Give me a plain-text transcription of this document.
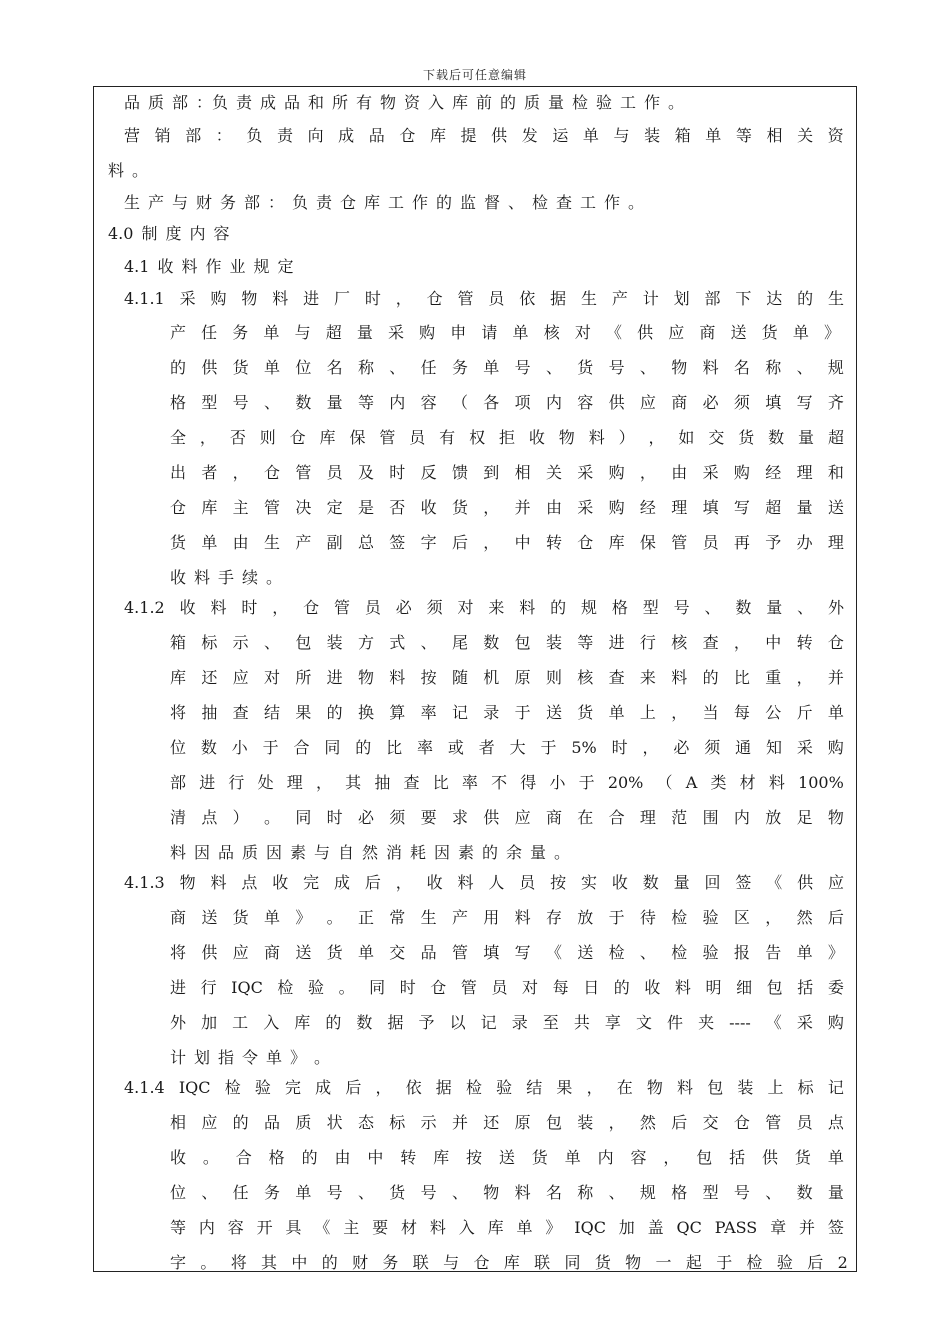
下载后可任意编辑
品 质 部 ：负 责 成 品 和 所 有 物 资 入 库 前 的 质 量 检 验 工 作 。
营 销 部 ： 负 责 向 成 品 仓 库 提 供 发 运 单 与 装 箱 单 等 相 关 资
料 。
生 产 与 财 务 部 ： 负 责 仓 库 工 作 的 监 督 、 检 查 工 作 。
4.0 制 度 内 容
4.1 收 料 作 业 规 定
4.1.1 采 购 物 料 进 厂 时 ， 仓 管 员 依 据 生 产 计 划 部 下 达 的 生
产 任 务 单 与 超 量 采 购 申 请 单 核 对 《 供 应 商 送 货 单 》
的 供 货 单 位 名 称 、 任 务 单 号 、 货 号 、 物 料 名 称 、 规
格 型 号 、 数 量 等 内 容 （ 各 项 内 容 供 应 商 必 须 填 写 齐
全 ， 否 则 仓 库 保 管 员 有 权 拒 收 物 料 ） ， 如 交 货 数 量 超
出 者 ， 仓 管 员 及 时 反 馈 到 相 关 采 购 ， 由 采 购 经 理 和
仓 库 主 管 决 定 是 否 收 货 ， 并 由 采 购 经 理 填 写 超 量 送
货 单 由 生 产 副 总 签 字 后 ， 中 转 仓 库 保 管 员 再 予 办 理
收 料 手 续 。
4.1.2 收 料 时 ， 仓 管 员 必 须 对 来 料 的 规 格 型 号 、 数 量 、 外
箱 标 示 、 包 装 方 式 、 尾 数 包 装 等 进 行 核 查 ， 中 转 仓
库 还 应 对 所 进 物 料 按 随 机 原 则 核 查 来 料 的 比 重 ， 并
将 抽 查 结 果 的 换 算 率 记 录 于 送 货 单 上 ， 当 每 公 斤 单
位 数 小 于 合 同 的 比 率 或 者 大 于 5% 时 ， 必 须 通 知 采 购
部 进 行 处 理 ， 其 抽 查 比 率 不 得 小 于 20% （ A 类 材 料 100%
清 点 ） 。 同 时 必 须 要 求 供 应 商 在 合 理 范 围 内 放 足 物
料 因 品 质 因 素 与 自 然 消 耗 因 素 的 余 量 。
4.1.3 物 料 点 收 完 成 后 ， 收 料 人 员 按 实 收 数 量 回 签 《 供 应
商 送 货 单 》 。 正 常 生 产 用 料 存 放 于 待 检 验 区 ， 然 后
将 供 应 商 送 货 单 交 品 管 填 写 《 送 检 、 检 验 报 告 单 》
进 行 IQC 检 验 。 同 时 仓 管 员 对 每 日 的 收 料 明 细 包 括 委
外 加 工 入 库 的 数 据 予 以 记 录 至 共 享 文 件 夹 ---- 《 采 购
计 划 指 令 单 》 。
4.1.4 IQC 检 验 完 成 后 ， 依 据 检 验 结 果 ， 在 物 料 包 装 上 标 记
相 应 的 品 质 状 态 标 示 并 还 原 包 装 ， 然 后 交 仓 管 员 点
收 。 合 格 的 由 中 转 库 按 送 货 单 内 容 ， 包 括 供 货 单
位 、 任 务 单 号 、 货 号 、 物 料 名 称 、 规 格 型 号 、 数 量
等 内 容 开 具 《 主 要 材 料 入 库 单 》 IQC 加 盖 QC PASS 章 并 签
字 。 将 其 中 的 财 务 联 与 仓 库 联 同 货 物 一 起 于 检 验 后 2
